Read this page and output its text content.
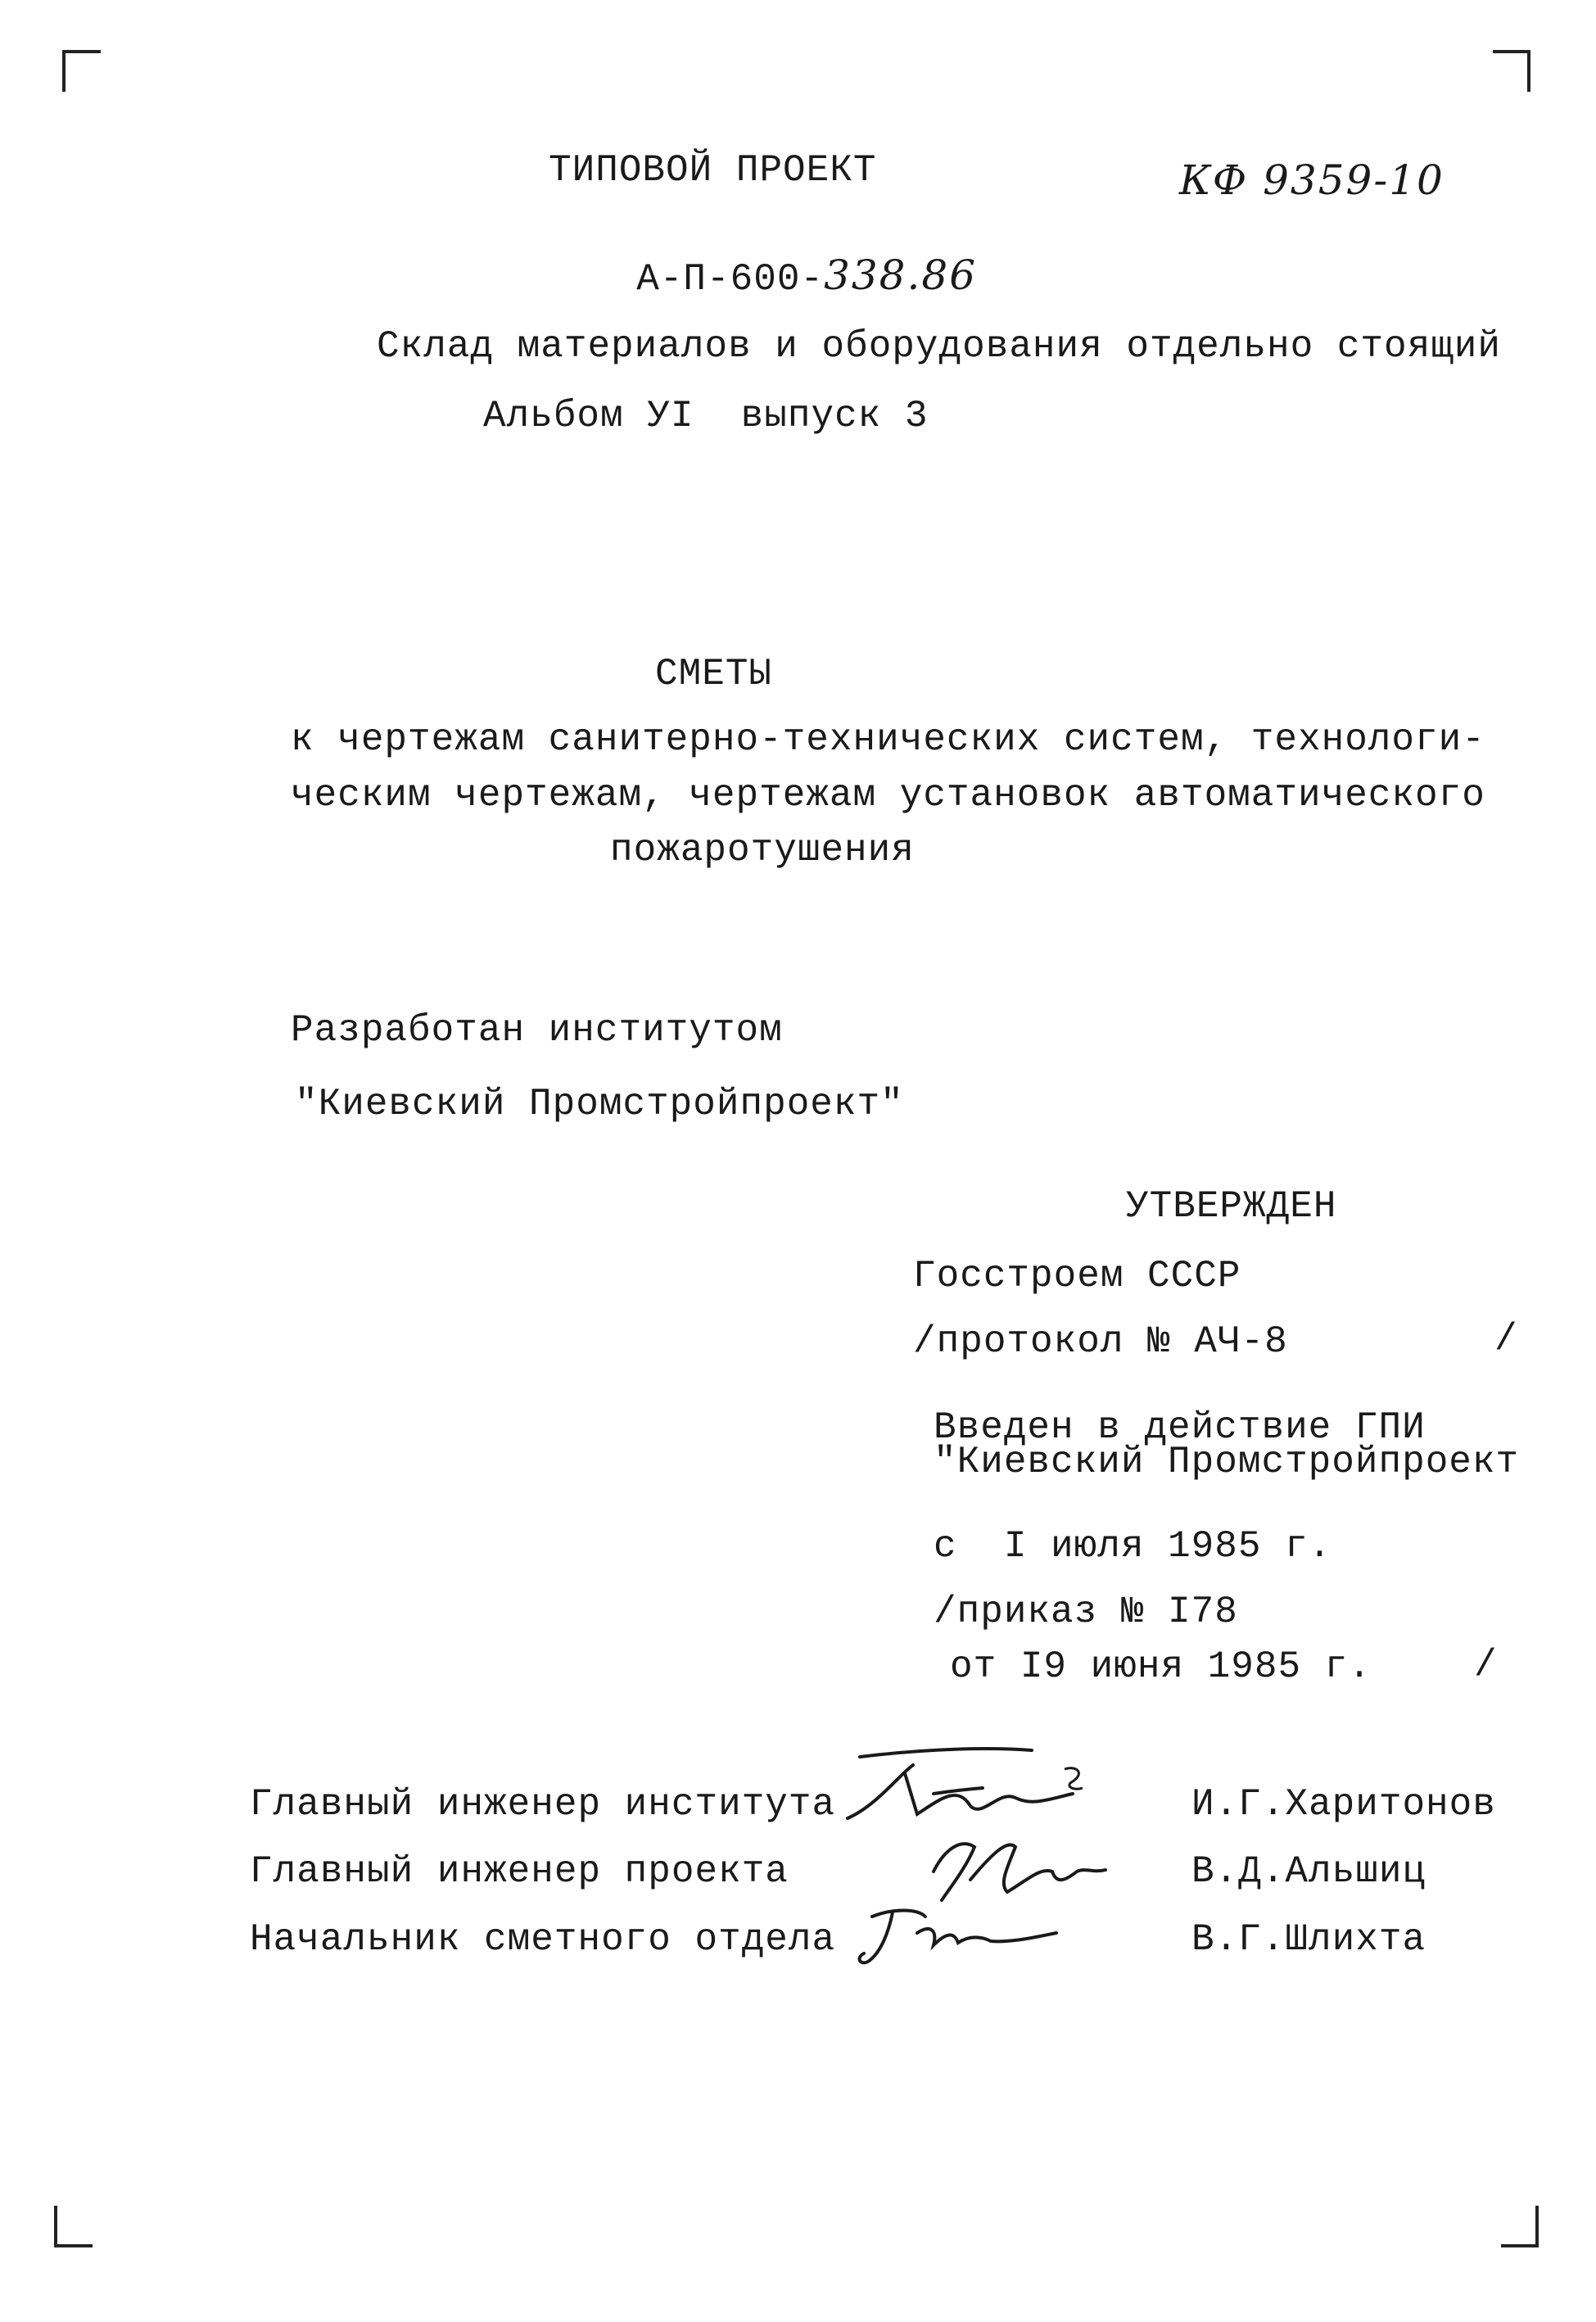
ТИПОВОЙ ПРОЕКТ

А-П-600-338.86

КФ 9359-10
Склад материалов и оборудования отдельно стоящий
Альбом УI  выпуск 3
СМЕТЫ
к чертежам санитерно-технических систем, технологи-
ческим чертежам, чертежам установок автоматического
пожаротушения
Разработан институтом
"Киевский Промстройпроект"
УТВЕРЖДЕН
Госстроем СССР
/протокол № АЧ-8	/
Введен в действие ГПИ
"Киевский Промстройпроект
с  I июля 1985 г.
/приказ № I78
от I9 июня 1985 г.	/
Главный инженер института
Главный инженер проекта
Начальник сметного отдела
И.Г.Харитонов
В.Д.Альшиц
В.Г.Шлихта
